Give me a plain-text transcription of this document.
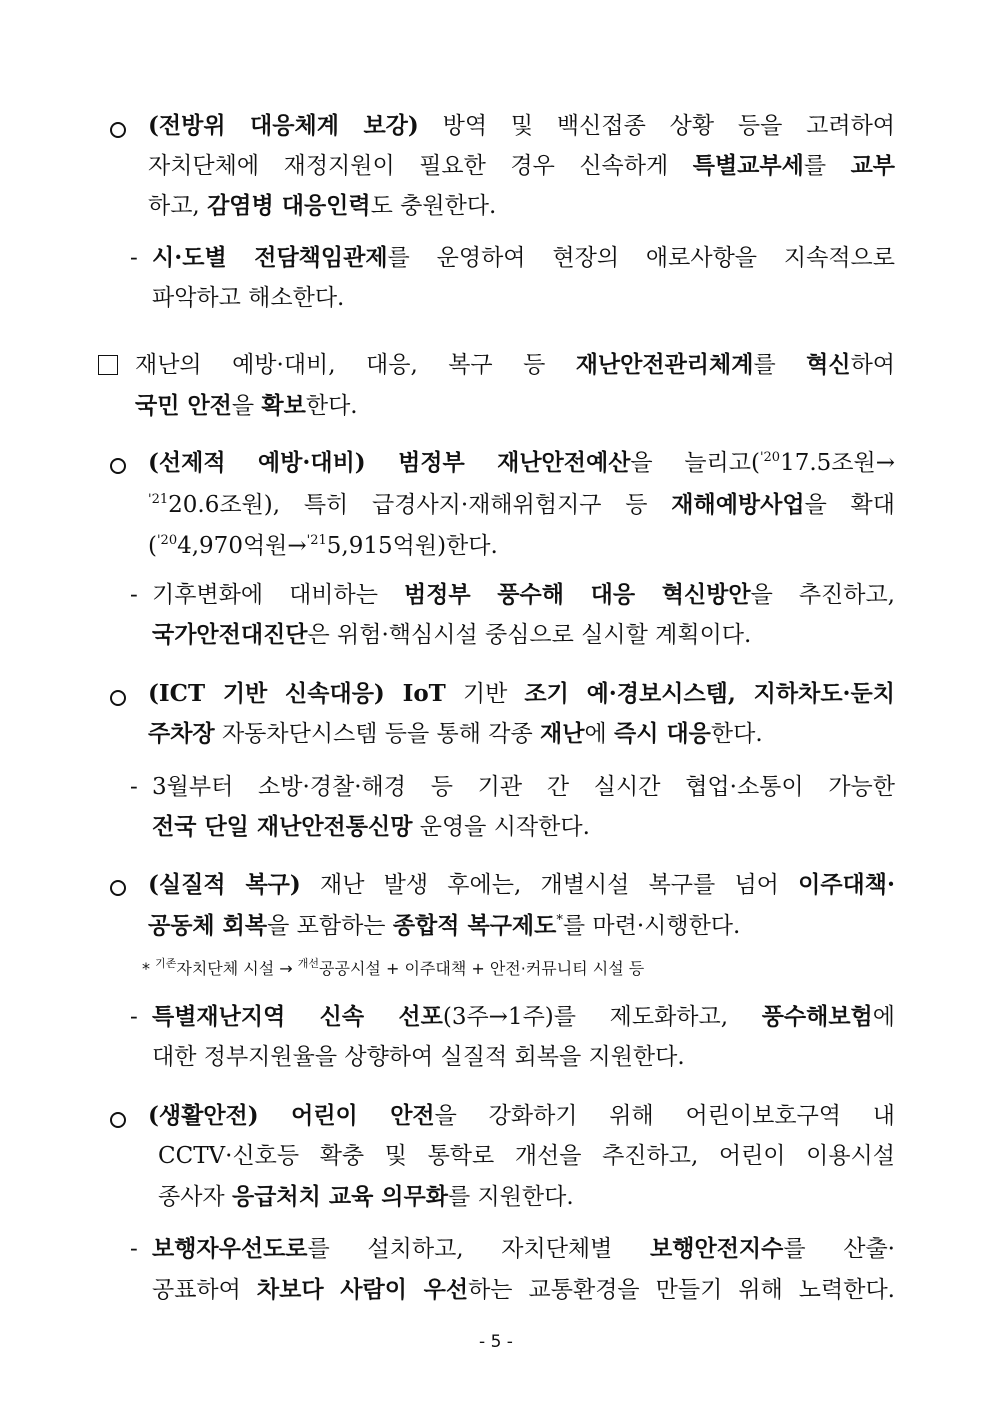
(전방위 대응체계 보강) 방역 및 백신접종 상황 등을 고려하여
자치단체에 재정지원이 필요한 경우 신속하게 특별교부세를 교부
하고, 감염병 대응인력도 충원한다.
- 시·도별 전담책임관제를 운영하여 현장의 애로사항을 지속적으로
파악하고 해소한다.
재난의 예방·대비, 대응, 복구 등 재난안전관리체계를 혁신하여
국민 안전을 확보한다.
(선제적 예방·대비) 범정부 재난안전예산을 늘리고($^{'20}$17.5조원→
$^{'21}$20.6조원), 특히 급경사지·재해위험지구 등 재해예방사업을 확대
($^{'20}$4,970억원→$^{'21}$5,915억원)한다.
- 기후변화에 대비하는 범정부 풍수해 대응 혁신방안을 추진하고,
국가안전대진단은 위험·핵심시설 중심으로 실시할 계획이다.
(ICT 기반 신속대응) IoT 기반 조기 예·경보시스템, 지하차도·둔치
주차장 자동차단시스템 등을 통해 각종 재난에 즉시 대응한다.
- 3월부터 소방·경찰·해경 등 기관 간 실시간 협업·소통이 가능한
전국 단일 재난안전통신망 운영을 시작한다.
(실질적 복구) 재난 발생 후에는, 개별시설 복구를 넘어 이주대책·
공동체 회복을 포함하는 종합적 복구제도*를 마련·시행한다.
* $^{기존}$자치단체 시설 → $^{개선}$공공시설 + 이주대책 + 안전·커뮤니티 시설 등
- 특별재난지역 신속 선포(3주→1주)를 제도화하고, 풍수해보험에
대한 정부지원율을 상향하여 실질적 회복을 지원한다.
(생활안전) 어린이 안전을 강화하기 위해 어린이보호구역 내
CCTV·신호등 확충 및 통학로 개선을 추진하고, 어린이 이용시설
종사자 응급처치 교육 의무화를 지원한다.
- 보행자우선도로를 설치하고, 자치단체별 보행안전지수를 산출·
공표하여 차보다 사람이 우선하는 교통환경을 만들기 위해 노력한다.
- 5 -
